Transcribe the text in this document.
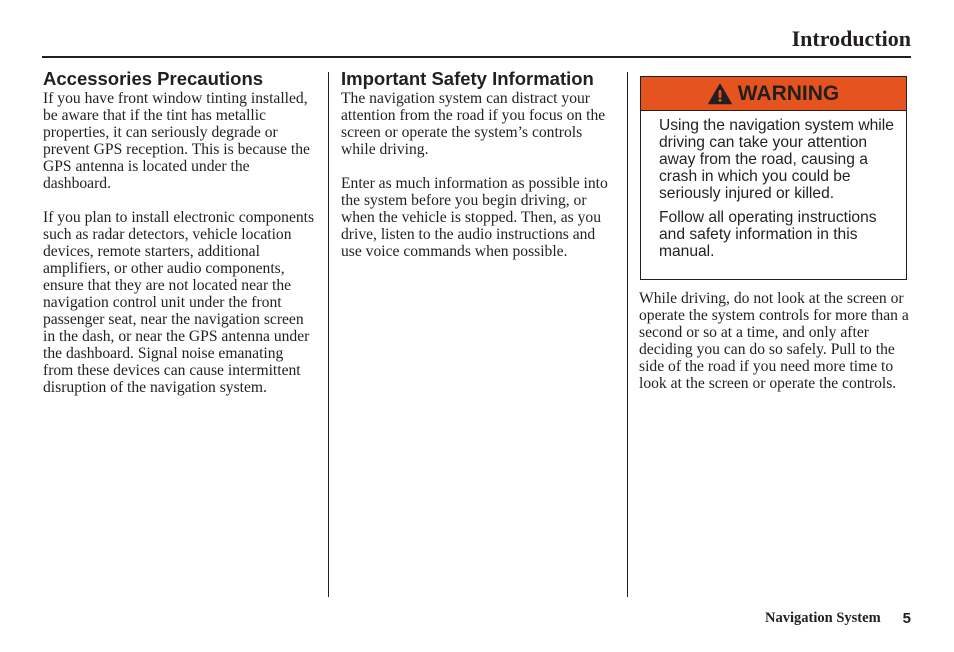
Introduction
Accessories Precautions

If you have front window tinting installed, be aware that if the tint has metallic properties, it can seriously degrade or prevent GPS reception. This is because the GPS antenna is located under the dashboard.

If you plan to install electronic components such as radar detectors, vehicle location devices, remote starters, additional amplifiers, or other audio components, ensure that they are not located near the navigation control unit under the front passenger seat, near the navigation screen in the dash, or near the GPS antenna under the dashboard. Signal noise emanating from these devices can cause intermittent disruption of the navigation system.

Important Safety Information

The navigation system can distract your attention from the road if you focus on the screen or operate the system’s controls while driving.

Enter as much information as possible into the system before you begin driving, or when the vehicle is stopped. Then, as you drive, listen to the audio instructions and use voice commands when possible.

WARNING

Using the navigation system while driving can take your attention away from the road, causing a crash in which you could be seriously injured or killed.

Follow all operating instructions and safety information in this manual.

While driving, do not look at the screen or operate the system controls for more than a second or so at a time, and only after deciding you can do so safely. Pull to the side of the road if you need more time to look at the screen or operate the controls.

Navigation System 5
